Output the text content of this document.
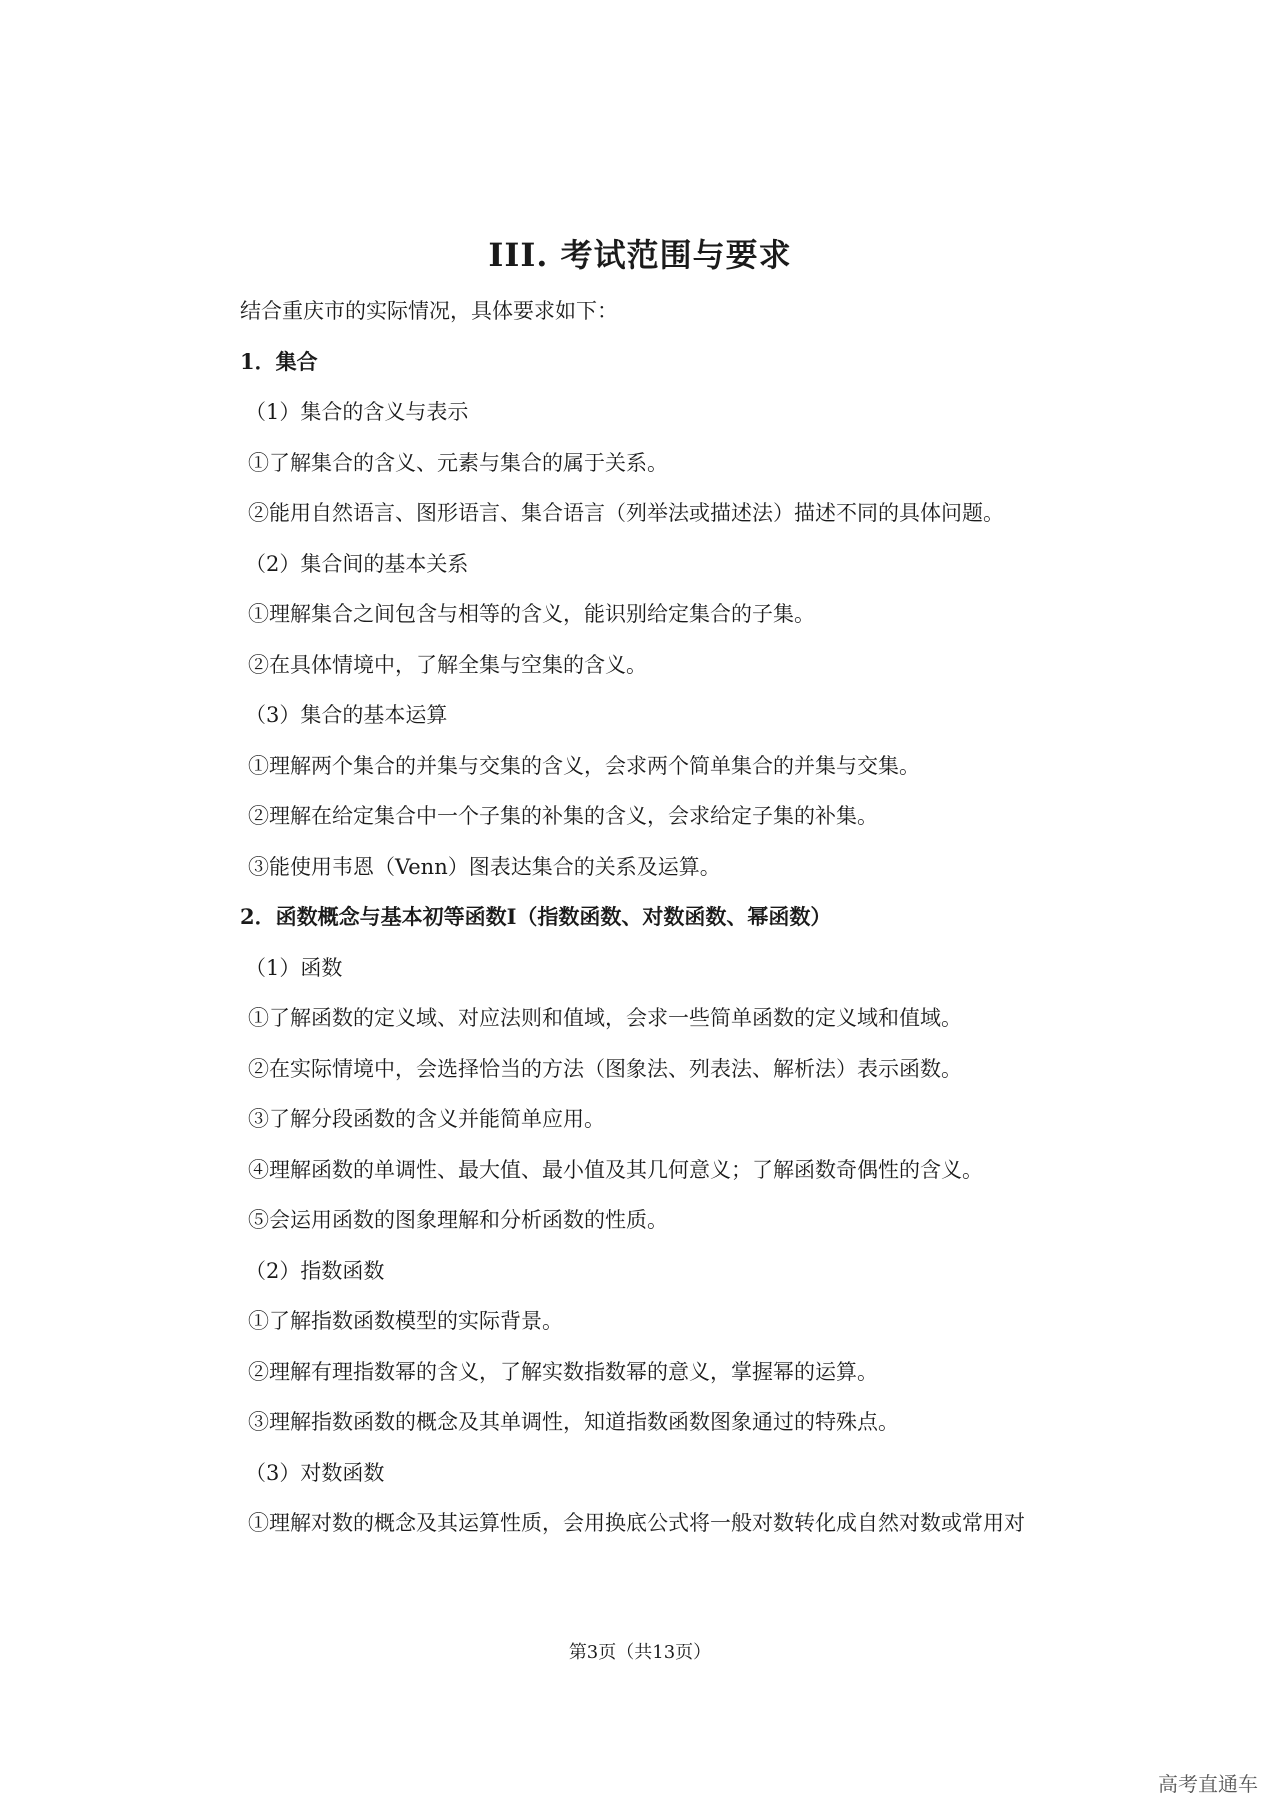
III. 考试范围与要求
结合重庆市的实际情况，具体要求如下：
1．集合
（1）集合的含义与表示
①了解集合的含义、元素与集合的属于关系。
②能用自然语言、图形语言、集合语言（列举法或描述法）描述不同的具体问题。
（2）集合间的基本关系
①理解集合之间包含与相等的含义，能识别给定集合的子集。
②在具体情境中，了解全集与空集的含义。
（3）集合的基本运算
①理解两个集合的并集与交集的含义，会求两个简单集合的并集与交集。
②理解在给定集合中一个子集的补集的含义，会求给定子集的补集。
③能使用韦恩（Venn）图表达集合的关系及运算。
2．函数概念与基本初等函数Ⅰ（指数函数、对数函数、幂函数）
（1）函数
①了解函数的定义域、对应法则和值域，会求一些简单函数的定义域和值域。
②在实际情境中，会选择恰当的方法（图象法、列表法、解析法）表示函数。
③了解分段函数的含义并能简单应用。
④理解函数的单调性、最大值、最小值及其几何意义；了解函数奇偶性的含义。
⑤会运用函数的图象理解和分析函数的性质。
（2）指数函数
①了解指数函数模型的实际背景。
②理解有理指数幂的含义，了解实数指数幂的意义，掌握幂的运算。
③理解指数函数的概念及其单调性，知道指数函数图象通过的特殊点。
（3）对数函数
①理解对数的概念及其运算性质，会用换底公式将一般对数转化成自然对数或常用对
第3页（共13页）
高考直通车
